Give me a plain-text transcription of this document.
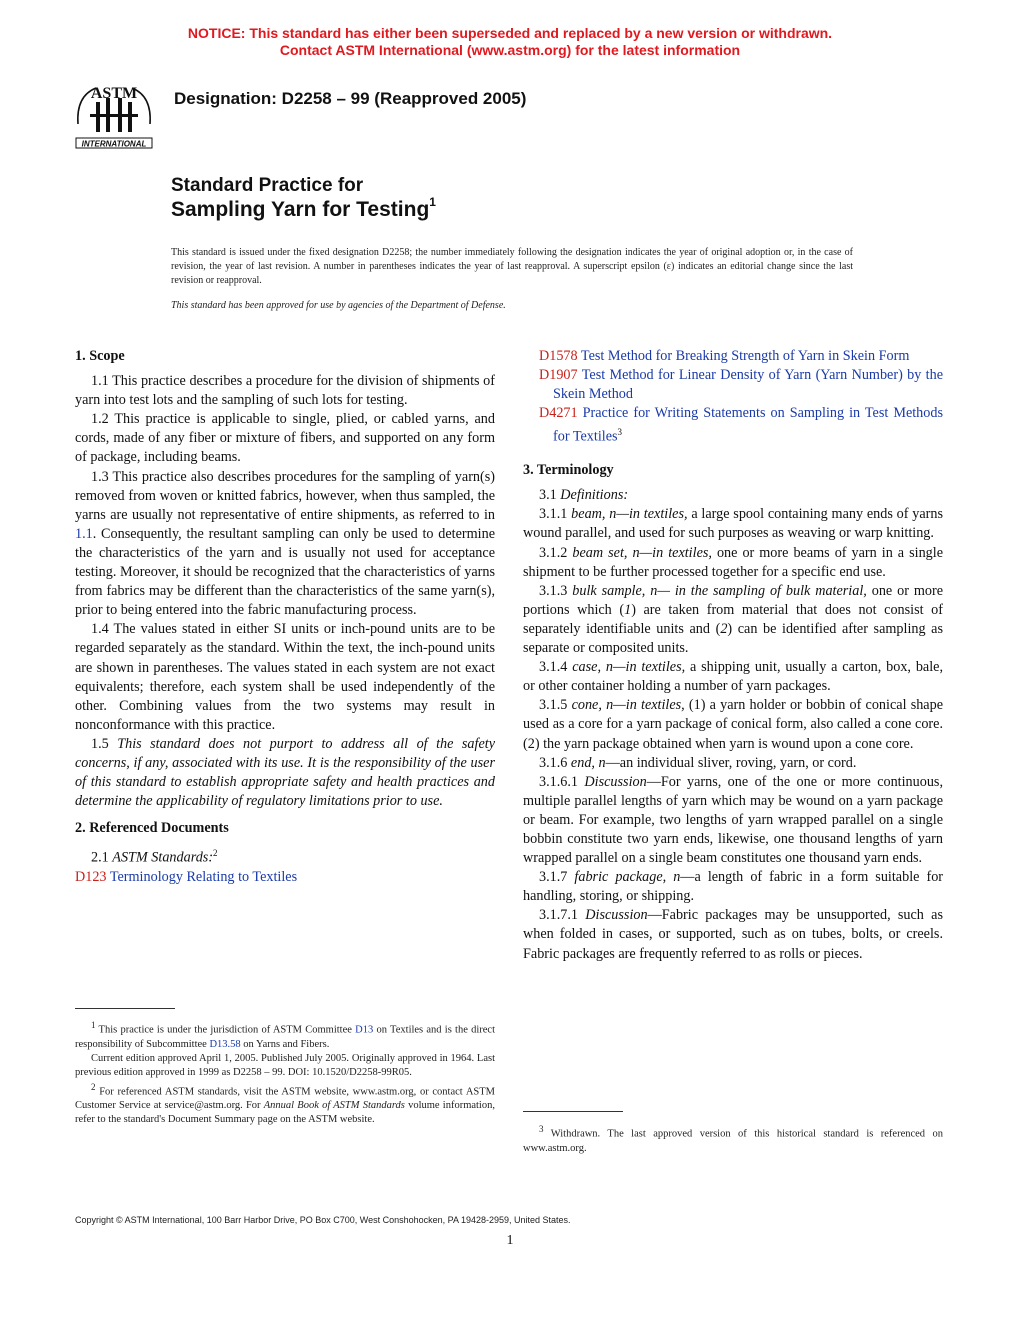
NOTICE: This standard has either been superseded and replaced by a new version or withdrawn.
Contact ASTM International (www.astm.org) for the latest information
ASTM
INTERNATIONAL
Designation: D2258 – 99 (Reapproved 2005)
Standard Practice for
Sampling Yarn for Testing$^1$
This standard is issued under the fixed designation D2258; the number immediately following the designation indicates the year of original adoption or, in the case of revision, the year of last revision. A number in parentheses indicates the year of last reapproval. A superscript epsilon (ε) indicates an editorial change since the last revision or reapproval.
This standard has been approved for use by agencies of the Department of Defense.

1. Scope

1.1 This practice describes a procedure for the division of shipments of yarn into test lots and the sampling of such lots for testing.

1.2 This practice is applicable to single, plied, or cabled yarns, and cords, made of any fiber or mixture of fibers, and supported on any form of package, including beams.

1.3 This practice also describes procedures for the sampling of yarn(s) removed from woven or knitted fabrics, however, when thus sampled, the yarns are usually not representative of entire shipments, as referred to in 1.1. Consequently, the resultant sampling can only be used to determine the characteristics of the yarn and is usually not used for acceptance testing. Moreover, it should be recognized that the characteristics of yarns from fabrics may be different than the characteristics of the same yarn(s), prior to being entered into the fabric manufacturing process.

1.4 The values stated in either SI units or inch-pound units are to be regarded separately as the standard. Within the text, the inch-pound units are shown in parentheses. The values stated in each system are not exact equivalents; therefore, each system shall be used independently of the other. Combining values from the two systems may result in nonconformance with this practice.

1.5 This standard does not purport to address all of the safety concerns, if any, associated with its use. It is the responsibility of the user of this standard to establish appropriate safety and health practices and determine the applicability of regulatory limitations prior to use.

2. Referenced Documents

2.1 ASTM Standards:$^2$

D123 Terminology Relating to Textiles

$^1$ This practice is under the jurisdiction of ASTM Committee D13 on Textiles and is the direct responsibility of Subcommittee D13.58 on Yarns and Fibers.

Current edition approved April 1, 2005. Published July 2005. Originally approved in 1964. Last previous edition approved in 1999 as D2258 – 99. DOI: 10.1520/D2258-99R05.

$^2$ For referenced ASTM standards, visit the ASTM website, www.astm.org, or contact ASTM Customer Service at service@astm.org. For Annual Book of ASTM Standards volume information, refer to the standard's Document Summary page on the ASTM website.

D1578 Test Method for Breaking Strength of Yarn in Skein Form

D1907 Test Method for Linear Density of Yarn (Yarn Number) by the Skein Method

D4271 Practice for Writing Statements on Sampling in Test Methods for Textiles$^3$

3. Terminology

3.1 Definitions:

3.1.1 beam, n—in textiles, a large spool containing many ends of yarns wound parallel, and used for such purposes as weaving or warp knitting.

3.1.2 beam set, n—in textiles, one or more beams of yarn in a single shipment to be further processed together for a specific end use.

3.1.3 bulk sample, n— in the sampling of bulk material, one or more portions which (1) are taken from material that does not consist of separately identifiable units and (2) can be identified after sampling as separate or composited units.

3.1.4 case, n—in textiles, a shipping unit, usually a carton, box, bale, or other container holding a number of yarn packages.

3.1.5 cone, n—in textiles, (1) a yarn holder or bobbin of conical shape used as a core for a yarn package of conical form, also called a cone core. (2) the yarn package obtained when yarn is wound upon a cone core.

3.1.6 end, n—an individual sliver, roving, yarn, or cord.

3.1.6.1 Discussion—For yarns, one of the one or more continuous, multiple parallel lengths of yarn which may be wound on a yarn package or beam. For example, two lengths of yarn wrapped parallel on a single bobbin constitute two yarn ends, likewise, one thousand lengths of yarn wrapped parallel on a single beam constitutes one thousand yarn ends.

3.1.7 fabric package, n—a length of fabric in a form suitable for handling, storing, or shipping.

3.1.7.1 Discussion—Fabric packages may be unsupported, such as when folded in cases, or supported, such as on tubes, bolts, or creels. Fabric packages are frequently referred to as rolls or pieces.

$^3$ Withdrawn. The last approved version of this historical standard is referenced on www.astm.org.

Copyright © ASTM International, 100 Barr Harbor Drive, PO Box C700, West Conshohocken, PA 19428-2959, United States.
1
